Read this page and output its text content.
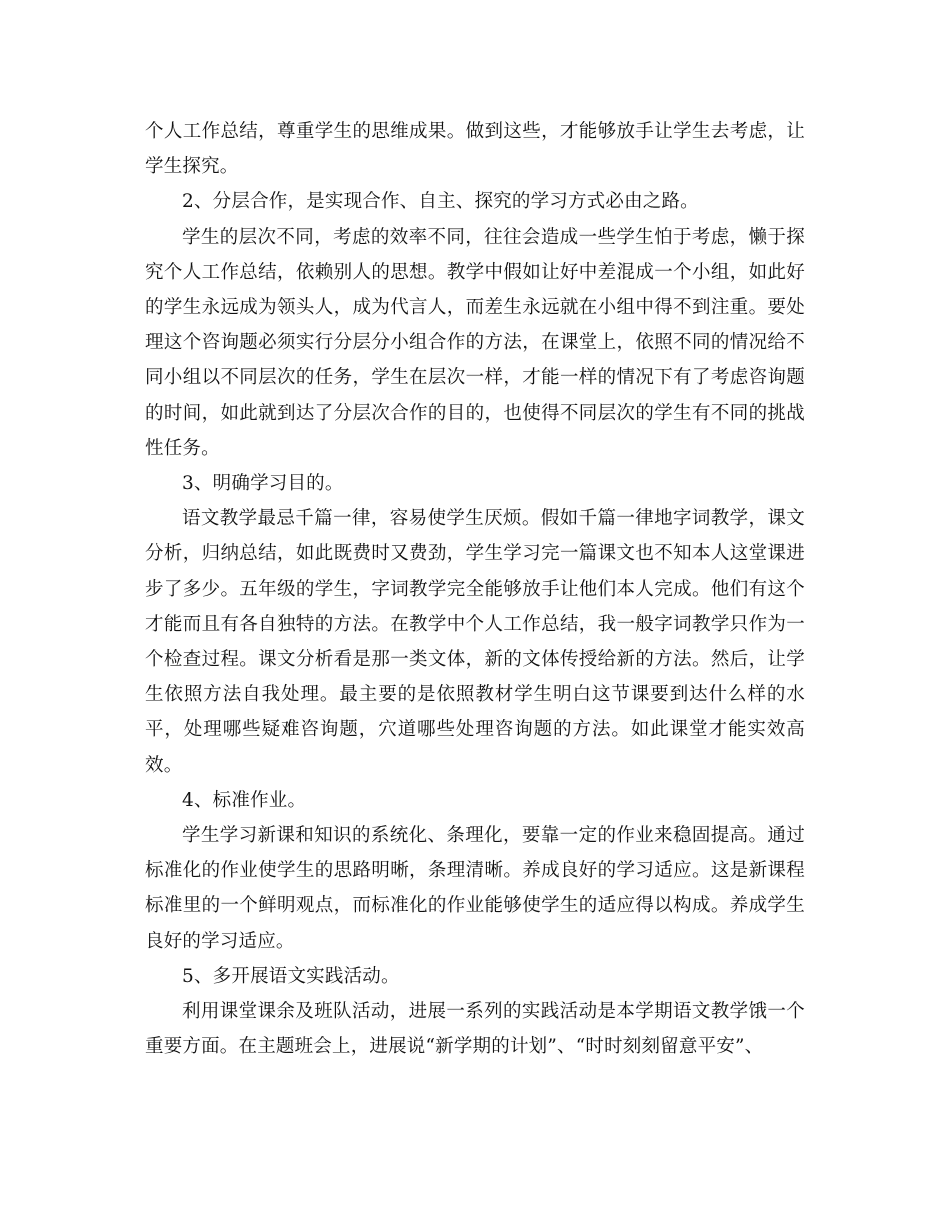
个人工作总结，尊重学生的思维成果。做到这些，才能够放手让学生去考虑，让学生探究。

2、分层合作，是实现合作、自主、探究的学习方式必由之路。

学生的层次不同，考虑的效率不同，往往会造成一些学生怕于考虑，懒于探究个人工作总结，依赖别人的思想。教学中假如让好中差混成一个小组，如此好的学生永远成为领头人，成为代言人，而差生永远就在小组中得不到注重。要处理这个咨询题必须实行分层分小组合作的方法，在课堂上，依照不同的情况给不同小组以不同层次的任务，学生在层次一样，才能一样的情况下有了考虑咨询题的时间，如此就到达了分层次合作的目的，也使得不同层次的学生有不同的挑战性任务。

3、明确学习目的。

语文教学最忌千篇一律，容易使学生厌烦。假如千篇一律地字词教学，课文分析，归纳总结，如此既费时又费劲，学生学习完一篇课文也不知本人这堂课进步了多少。五年级的学生，字词教学完全能够放手让他们本人完成。他们有这个才能而且有各自独特的方法。在教学中个人工作总结，我一般字词教学只作为一个检查过程。课文分析看是那一类文体，新的文体传授给新的方法。然后，让学生依照方法自我处理。最主要的是依照教材学生明白这节课要到达什么样的水平，处理哪些疑难咨询题，穴道哪些处理咨询题的方法。如此课堂才能实效高效。

4、标准作业。

学生学习新课和知识的系统化、条理化，要靠一定的作业来稳固提高。通过标准化的作业使学生的思路明晰，条理清晰。养成良好的学习适应。这是新课程标准里的一个鲜明观点，而标准化的作业能够使学生的适应得以构成。养成学生良好的学习适应。

5、多开展语文实践活动。

利用课堂课余及班队活动，进展一系列的实践活动是本学期语文教学饿一个重要方面。在主题班会上，进展说“新学期的计划”、“时时刻刻留意平安”、
